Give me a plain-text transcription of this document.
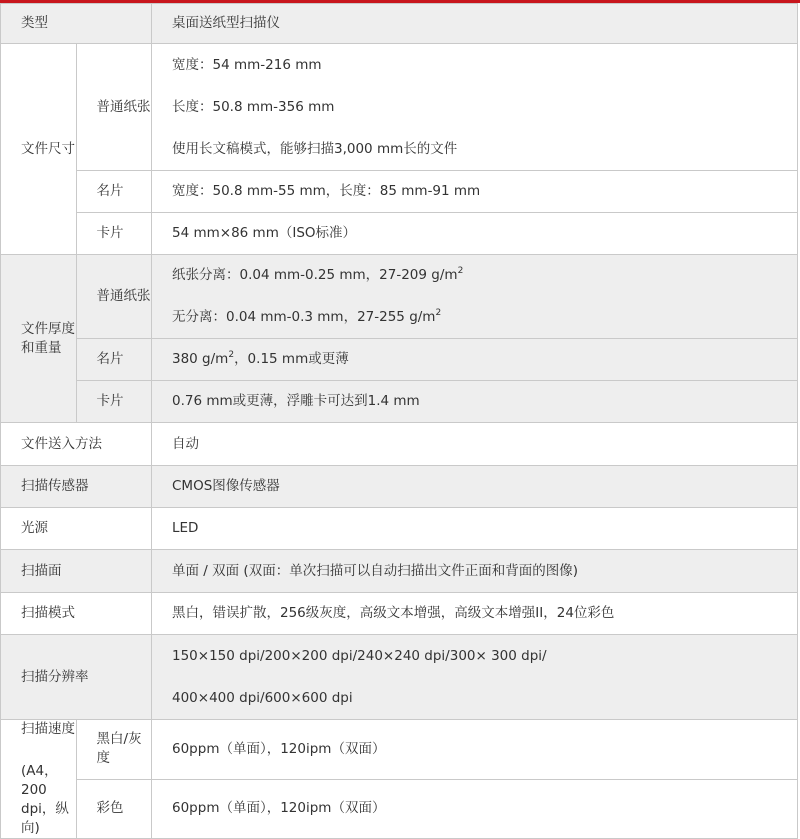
类型		桌面送纸型扫描仪
文件尺寸	普通纸张	宽度：54 mm-216 mm
长度：50.8 mm-356 mm
使用长文稿模式，能够扫描3,000 mm长的文件

	名片	宽度：50.8 mm-55 mm，长度：85 mm-91 mm
	卡片	54 mm×86 mm（ISO标准）
文件厚度和重量	普通纸张	纸张分离：0.04 mm-0.25 mm，27-209 $g/m^2$
无分离：0.04 mm-0.3 mm，27-255 $g/m^2$

	名片	380 $g/m^2$，0.15 mm或更薄
	卡片	0.76 mm或更薄，浮雕卡可达到1.4 mm
文件送入方法		自动
扫描传感器		CMOS图像传感器
光源		LED
扫描面		单面 / 双面 (双面：单次扫描可以自动扫描出文件正面和背面的图像)
扫描模式		黑白，错误扩散，256级灰度，高级文本增强，高级文本增强II，24位彩色
扫描分辨率		150×150 dpi/200×200 dpi/240×240 dpi/300× 300 dpi/
400×400 dpi/600×600 dpi

扫描速度
(A4，200 dpi，纵向)	黑白/灰度	60ppm（单面），120ipm（双面）
	彩色	60ppm（单面），120ipm（双面）
